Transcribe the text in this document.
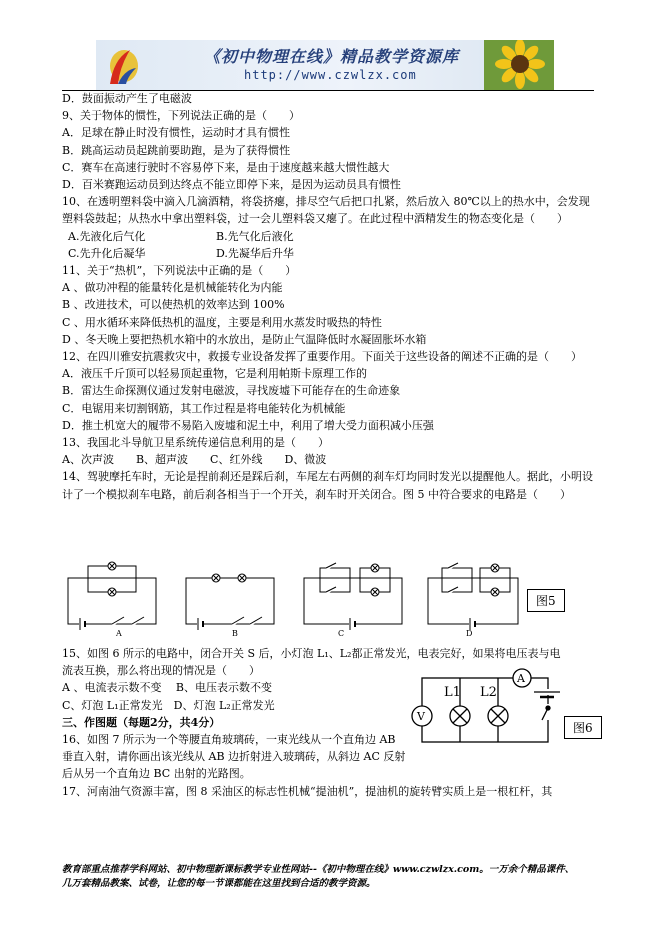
《初中物理在线》精品教学资源库
http://www.czwlzx.com

D．鼓面振动产生了电磁波

9、关于物体的惯性，下列说法正确的是（　　）

A．足球在静止时没有惯性，运动时才具有惯性

B．跳高运动员起跳前要助跑，是为了获得惯性

C．赛车在高速行驶时不容易停下来，是由于速度越来越大惯性越大

D．百米赛跑运动员到达终点不能立即停下来，是因为运动员具有惯性

10、在透明塑料袋中滴入几滴酒精，将袋挤瘪，排尽空气后把口扎紧，然后放入 80℃以上的热水中，会发现塑料袋鼓起；从热水中拿出塑料袋，过一会儿塑料袋又瘪了。在此过程中酒精发生的物态变化是（　　）

A.先液化后气化	B.先气化后液化

C.先升化后凝华	D.先凝华后升华

11、关于“热机”，下列说法中正确的是（　　）

A 、做功冲程的能量转化是机械能转化为内能

B 、改进技术，可以使热机的效率达到 100%

C 、用水循环来降低热机的温度，主要是利用水蒸发时吸热的特性

D 、冬天晚上要把热机水箱中的水放出，是防止气温降低时水凝固胀坏水箱

12、在四川雅安抗震救灾中，救援专业设备发挥了重要作用。下面关于这些设备的阐述不正确的是（　　）

A．液压千斤顶可以轻易顶起重物，它是利用帕斯卡原理工作的

B．雷达生命探测仪通过发射电磁波，寻找废墟下可能存在的生命迹象

C．电锯用来切割钢筋，其工作过程是将电能转化为机械能

D．推土机宽大的履带不易陷入废墟和泥土中，利用了增大受力面积减小压强

13、我国北斗导航卫星系统传递信息利用的是（　　）

A、次声波　　B、超声波　　C、红外线　　D、微波

14、驾驶摩托车时，无论是捏前刹还是踩后刹，车尾左右两侧的刹车灯均同时发光以提醒他人。据此，小明设计了一个模拟刹车电路，前后刹各相当于一个开关，刹车时开关闭合。图 5 中符合要求的电路是（　　）

A	B	C	D
图5

15、如图 6 所示的电路中，闭合开关 S 后，小灯泡 L₁、L₂都正常发光，电表完好，如果将电压表与电

流表互换，那么将出现的情况是（　　）

A 、电流表示数不变　 B、电压表示数不变

C、灯泡 L₁正常发光　D、灯泡 L₂正常发光

三、作图题（每题2分，共4分）

16、如图 7 所示为一个等腰直角玻璃砖，一束光线从一个直角边 AB

垂直入射，请你画出该光线从 AB 边折射进入玻璃砖，从斜边 AC 反射

后从另一个直角边 BC 出射的光路图。

17、河南油气资源丰富，图 8 采油区的标志性机械“提油机”，提油机的旋转臂实质上是一根杠杆，其

V
L1 L2
A
图6

教育部重点推荐学科网站、初中物理新课标教学专业性网站--《初中物理在线》www.czwlzx.com。一万余个精品课件、

几万套精品教案、试卷，让您的每一节课都能在这里找到合适的教学资源。
